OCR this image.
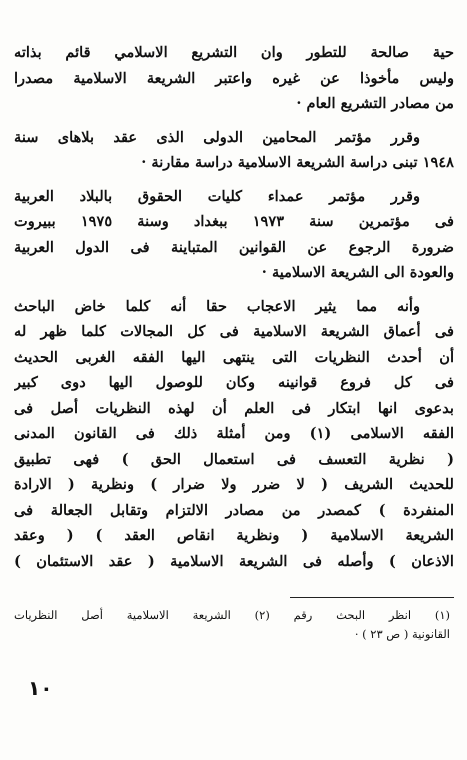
حية صالحة للتطور وان التشريع الاسلامي قائم بذاته
وليس مأخوذا عن غيره واعتبر الشريعة الاسلامية مصدرا
من مصادر التشريع العام ·

وقرر مؤتمر المحامين الدولى الذى عقد بلاهاى سنة
١٩٤٨ تبنى دراسة الشريعة الاسلامية دراسة مقارنة ·

وقرر مؤتمر عمداء كليات الحقوق بالبلاد العربية
فى مؤتمرين سنة ١٩٧٣ ببغداد وسنة ١٩٧٥ ببيروت
ضرورة الرجوع عن القوانين المتباينة فى الدول العربية
والعودة الى الشريعة الاسلامية ·

وأنه مما يثير الاعجاب حقا أنه كلما خاض الباحث
فى أعماق الشريعة الاسلامية فى كل المجالات كلما ظهر له
أن أحدث النظريات التى ينتهى اليها الفقه الغربى الحديث
فى كل فروع قوانينه وكان للوصول اليها دوى كبير
بدعوى انها ابتكار فى العلم أن لهذه النظريات أصل فى
الفقه الاسلامى (١) ومن أمثلة ذلك فى القانون المدنى
( نظرية التعسف فى استعمال الحق ) فهى تطبيق
للحديث الشريف ( لا ضرر ولا ضرار ) ونظرية ( الارادة
المنفردة ) كمصدر من مصادر الالتزام وتقابل الجعالة فى
الشريعة الاسلامية ( ونظرية انقاص العقد ) ( وعقد
الاذعان ) وأصله فى الشريعة الاسلامية ( عقد الاستئمان )

(١) انظر البحث رقم (٢) الشريعة الاسلامية أصل النظريات
القانونية ( ص ٢٣ ) ·
١٠
